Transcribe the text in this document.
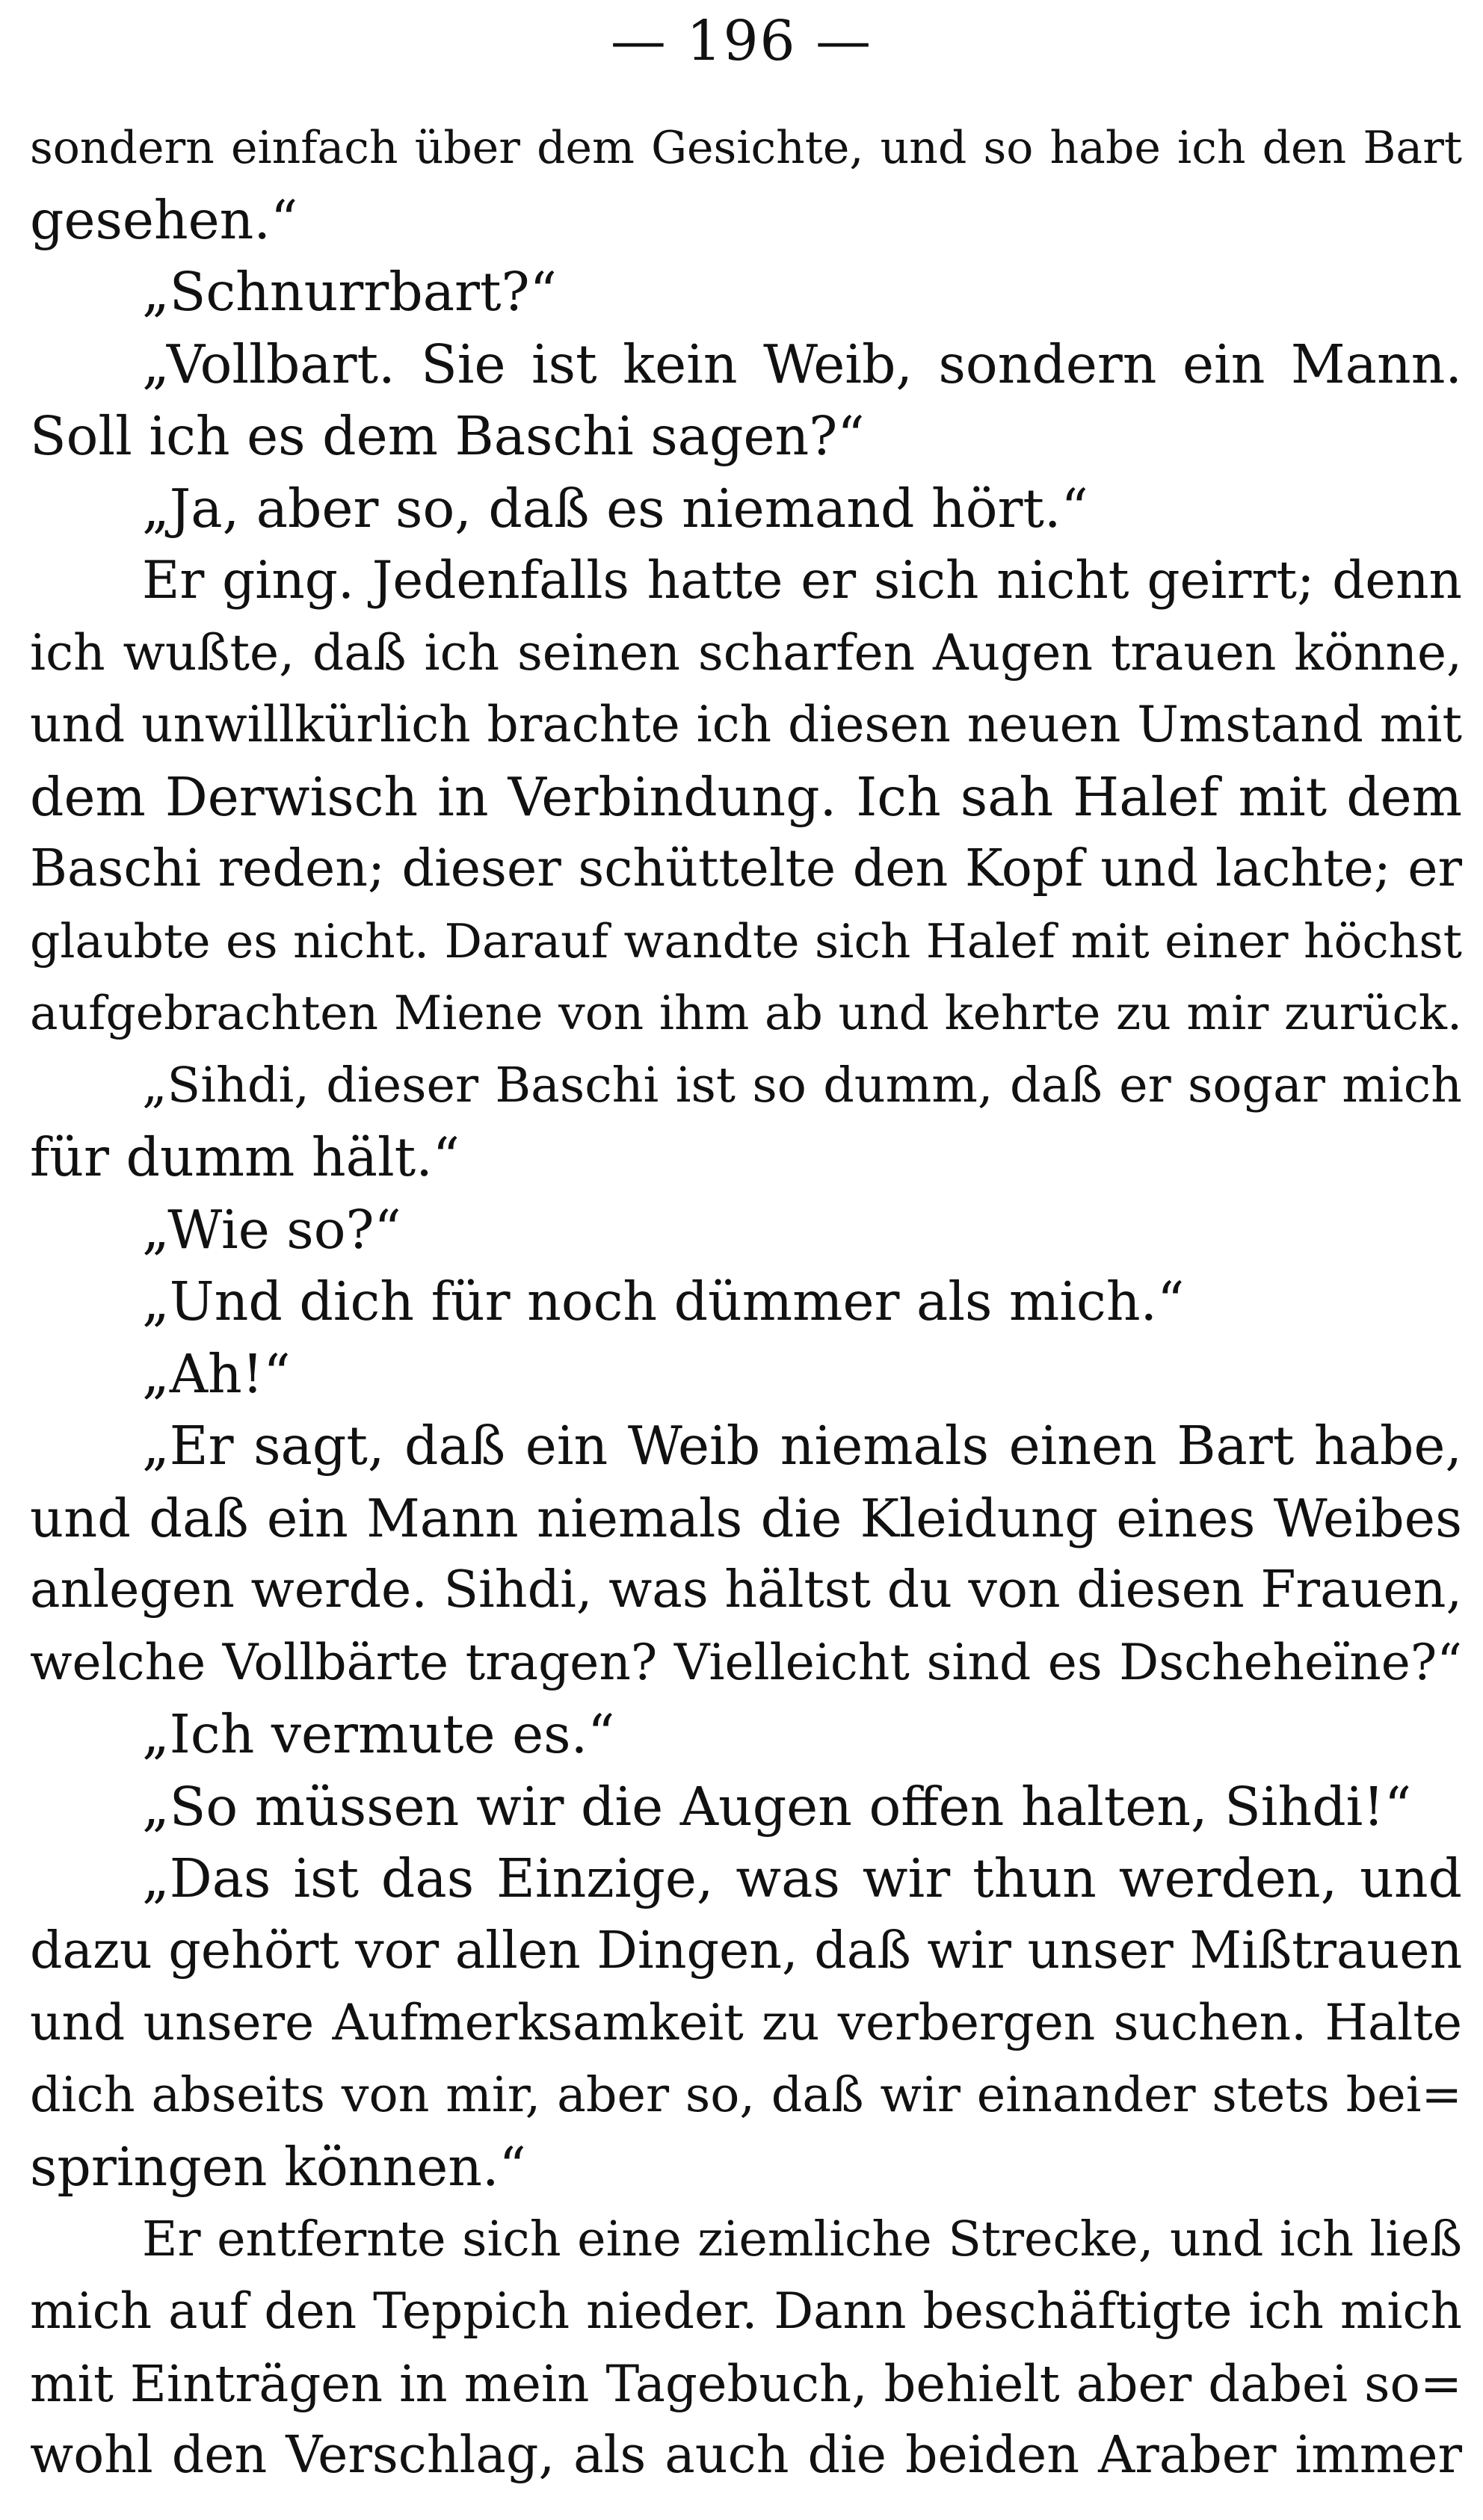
— 196 —
sondern einfach über dem Gesichte, und so habe ich den Bart
gesehen.“
„Schnurrbart?“
„Vollbart. Sie ist kein Weib, sondern ein Mann.
Soll ich es dem Baschi sagen?“
„Ja, aber so, daß es niemand hört.“
Er ging. Jedenfalls hatte er sich nicht geirrt; denn
ich wußte, daß ich seinen scharfen Augen trauen könne,
und unwillkürlich brachte ich diesen neuen Umstand mit
dem Derwisch in Verbindung. Ich sah Halef mit dem
Baschi reden; dieser schüttelte den Kopf und lachte; er
glaubte es nicht. Darauf wandte sich Halef mit einer höchst
aufgebrachten Miene von ihm ab und kehrte zu mir zurück.
„Sihdi, dieser Baschi ist so dumm, daß er sogar mich
für dumm hält.“
„Wie so?“
„Und dich für noch dümmer als mich.“
„Ah!“
„Er sagt, daß ein Weib niemals einen Bart habe,
und daß ein Mann niemals die Kleidung eines Weibes
anlegen werde. Sihdi, was hältst du von diesen Frauen,
welche Vollbärte tragen? Vielleicht sind es Dscheheïne?“
„Ich vermute es.“
„So müssen wir die Augen offen halten, Sihdi!“
„Das ist das Einzige, was wir thun werden, und
dazu gehört vor allen Dingen, daß wir unser Mißtrauen
und unsere Aufmerksamkeit zu verbergen suchen. Halte
dich abseits von mir, aber so, daß wir einander stets bei=
springen können.“
Er entfernte sich eine ziemliche Strecke, und ich ließ
mich auf den Teppich nieder. Dann beschäftigte ich mich
mit Einträgen in mein Tagebuch, behielt aber dabei so=
wohl den Verschlag, als auch die beiden Araber immer
